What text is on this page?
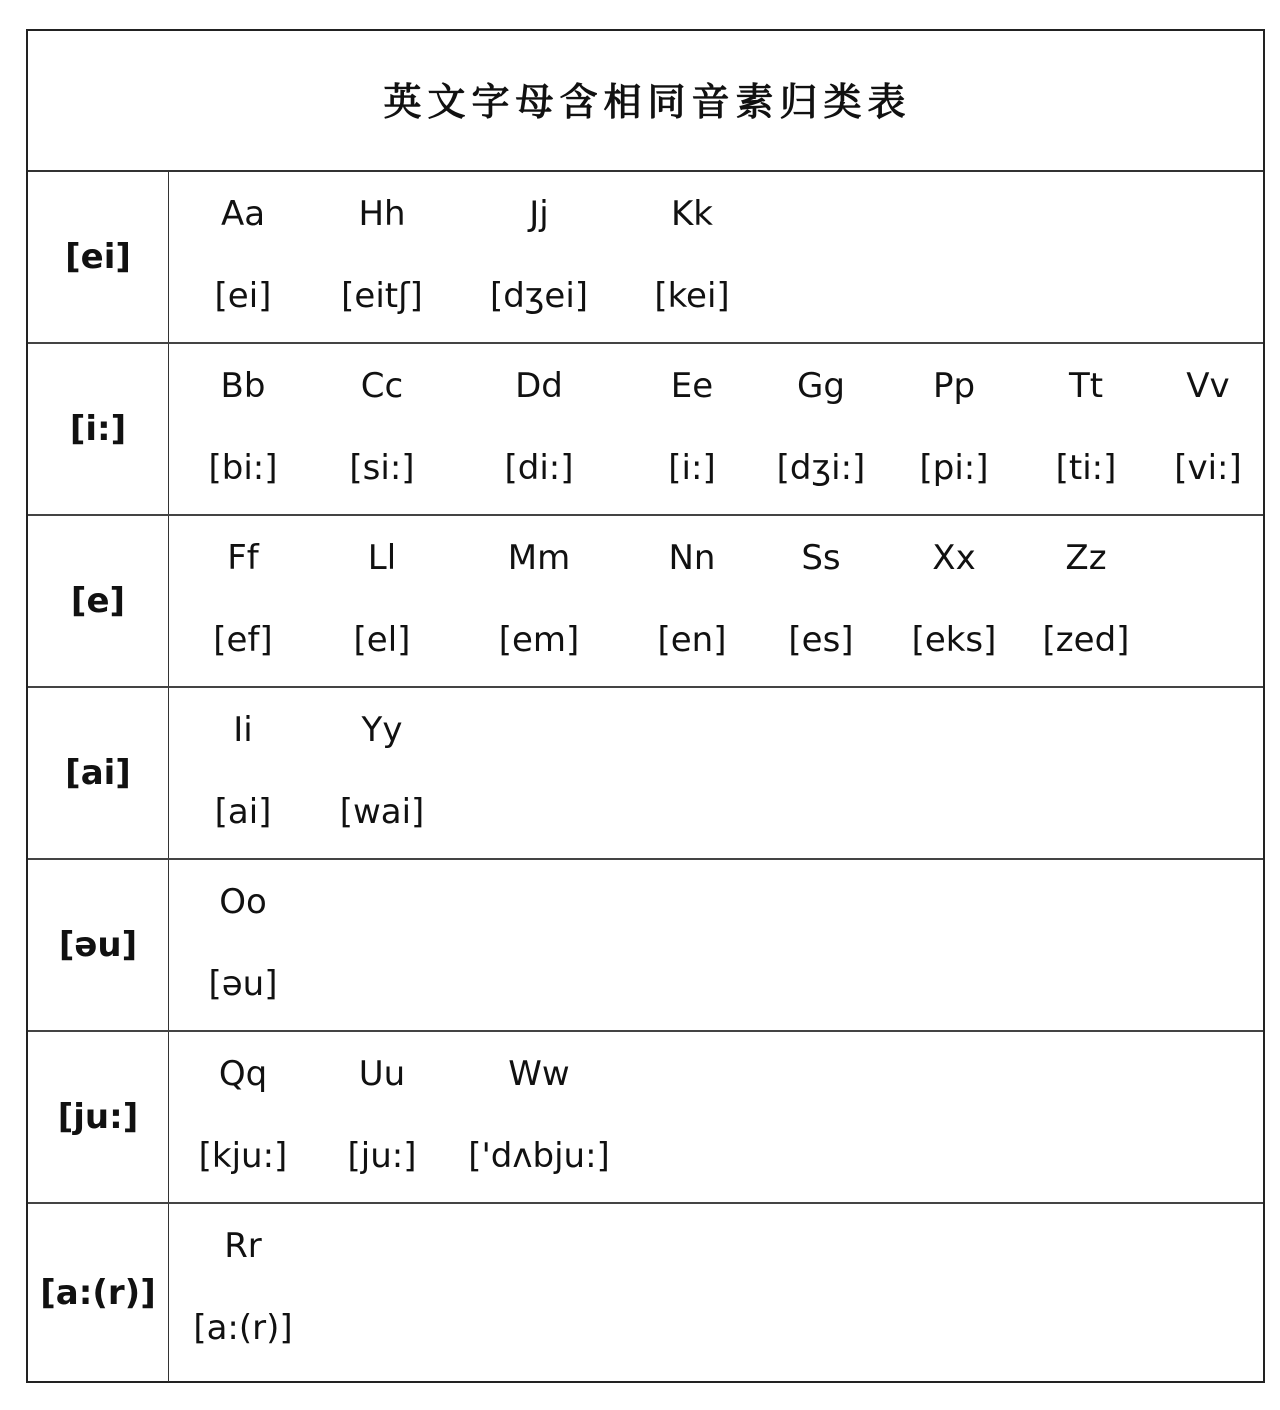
英文字母含相同音素归类表
[ei]
Aa
[ei]
Hh
[eitʃ]
Jj
[dʒei]
Kk
[kei]
[i:]
Bb
[bi:]
Cc
[si:]
Dd
[di:]
Ee
[i:]
Gg
[dʒi:]
Pp
[pi:]
Tt
[ti:]
Vv
[vi:]
[e]
Ff
[ef]
Ll
[el]
Mm
[em]
Nn
[en]
Ss
[es]
Xx
[eks]
Zz
[zed]
[ai]
Ii
[ai]
Yy
[wai]
[əu]
Oo
[əu]
[ju:]
Qq
[kju:]
Uu
[ju:]
Ww
['dʌbju:]
[a:(r)]
Rr
[a:(r)]
